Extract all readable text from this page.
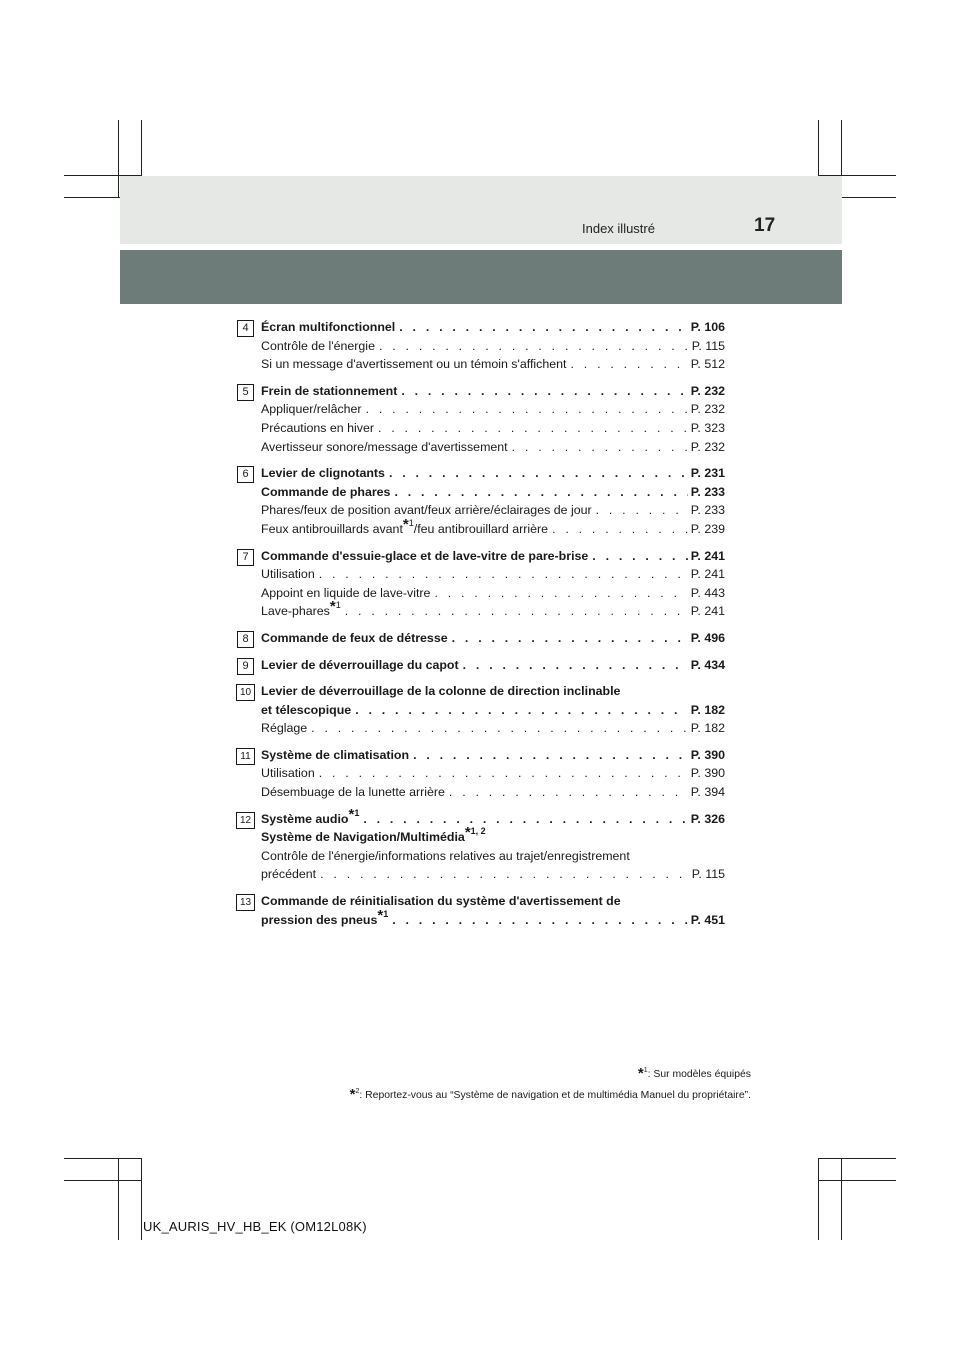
Index illustré	17
4	Écran multifonctionnel . . .	P. 106
Contrôle de l'énergie . . .	P. 115
Si un message d'avertissement ou un témoin s'affichent . . .	P. 512
5	Frein de stationnement . . .	P. 232
Appliquer/relâcher . . .	P. 232
Précautions en hiver . . .	P. 323
Avertisseur sonore/message d'avertissement . . .	P. 232
6	Levier de clignotants . . .	P. 231
Commande de phares . . .	P. 233
Phares/feux de position avant/feux arrière/éclairages de jour . . .	P. 233
Feux antibrouillards avant$^{*1}$/feu antibrouillard arrière . . .	P. 239
7	Commande d'essuie-glace et de lave-vitre de pare-brise . . .	P. 241
Utilisation . . .	P. 241
Appoint en liquide de lave-vitre . . .	P. 443
Lave-phares$^{*1}$ . . .	P. 241
8	Commande de feux de détresse . . .	P. 496
9	Levier de déverrouillage du capot . . .	P. 434
10 Levier de déverrouillage de la colonne de direction inclinable
et télescopique . . .	P. 182
Réglage . . .	P. 182
11 Système de climatisation . . .	P. 390
Utilisation . . .	P. 390
Désembuage de la lunette arrière . . .	P. 394
12 Système audio$^{*1}$ . . .	P. 326
Système de Navigation/Multimédia$^{*1, 2}$
Contrôle de l'énergie/informations relatives au trajet/enregistrement
précédent . . .	P. 115
13 Commande de réinitialisation du système d'avertissement de
pression des pneus$^{*1}$ . . .	P. 451
*$^1$: Sur modèles équipés
*$^2$: Reportez-vous au “Système de navigation et de multimédia Manuel du propriétaire”.
UK_AURIS_HV_HB_EK (OM12L08K)
